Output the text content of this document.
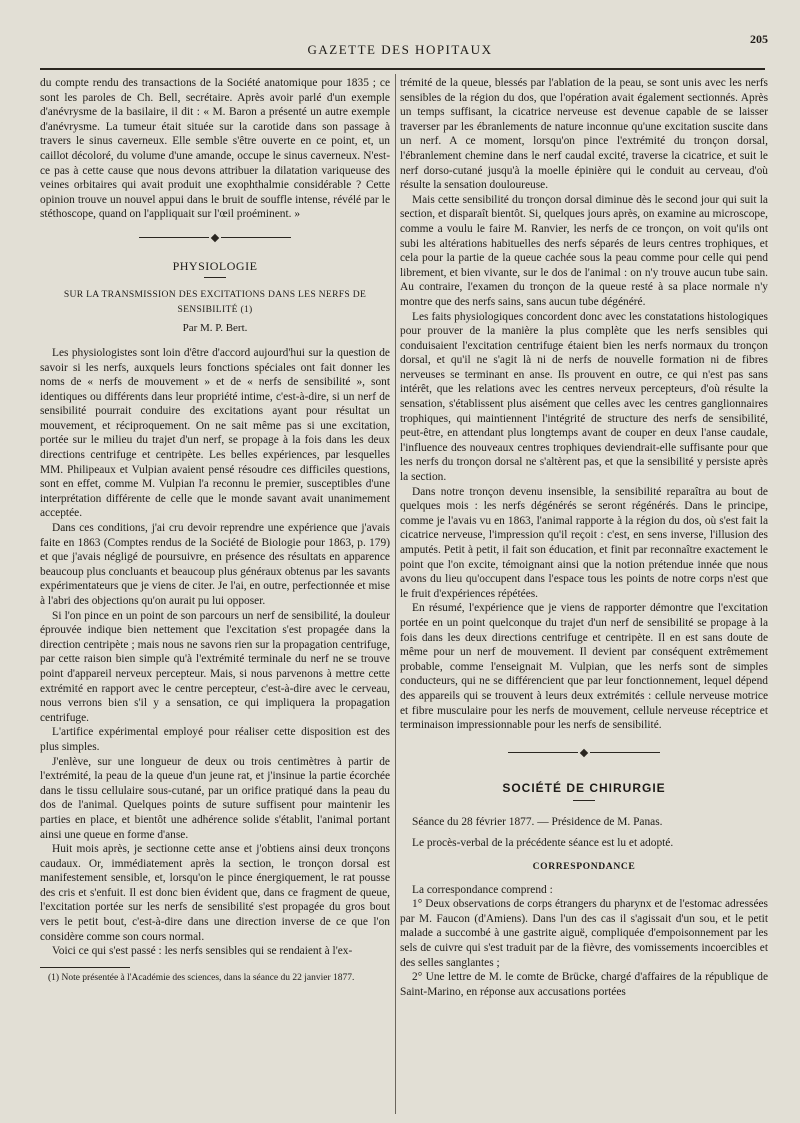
GAZETTE DES HOPITAUX
205

du compte rendu des transactions de la Société anatomique pour 1835 ; ce sont les paroles de Ch. Bell, secrétaire. Après avoir parlé d'un exemple d'anévrysme de la basilaire, il dit : « M. Baron a présenté un autre exemple d'anévrysme. La tumeur était située sur la carotide dans son passage à travers le sinus caverneux. Elle semble s'être ouverte en ce point, et, un caillot décoloré, du volume d'une amande, occupe le sinus caverneux. N'est-ce pas à cette cause que nous devons attribuer la dilatation variqueuse des veines orbitaires qui avait produit une exophthalmie considérable ? Cette opinion trouve un nouvel appui dans le bruit de souffle intense, révélé par le stéthoscope, quand on l'appliquait sur l'œil proéminent. »

PHYSIOLOGIE
SUR LA TRANSMISSION DES EXCITATIONS DANS LES NERFS DE SENSIBILITÉ (1)
Par M. P. Bert.

Les physiologistes sont loin d'être d'accord aujourd'hui sur la question de savoir si les nerfs, auxquels leurs fonctions spéciales ont fait donner les noms de « nerfs de mouvement » et de « nerfs de sensibilité », sont identiques ou différents dans leur propriété intime, c'est-à-dire, si un nerf de sensibilité pourrait conduire des excitations ayant pour résultat un mouvement, et réciproquement. On ne sait même pas si une excitation, portée sur le milieu du trajet d'un nerf, se propage à la fois dans les deux directions centrifuge et centripète. Les belles expériences, par lesquelles MM. Philipeaux et Vulpian avaient pensé résoudre ces difficiles questions, sont en effet, comme M. Vulpian l'a reconnu le premier, susceptibles d'une interprétation différente de celle que le monde savant avait unanimement acceptée.

Dans ces conditions, j'ai cru devoir reprendre une expérience que j'avais faite en 1863 (Comptes rendus de la Société de Biologie pour 1863, p. 179) et que j'avais négligé de poursuivre, en présence des résultats en apparence beaucoup plus concluants et beaucoup plus généraux obtenus par les savants expérimentateurs que je viens de citer. Je l'ai, en outre, perfectionnée et mise à l'abri des objections qu'on aurait pu lui opposer.

Si l'on pince en un point de son parcours un nerf de sensibilité, la douleur éprouvée indique bien nettement que l'excitation s'est propagée dans la direction centripète ; mais nous ne savons rien sur la propagation centrifuge, par cette raison bien simple qu'à l'extrémité terminale du nerf ne se trouve point d'appareil nerveux percepteur. Mais, si nous parvenons à mettre cette extrémité en rapport avec le centre percepteur, c'est-à-dire avec le cerveau, nous verrons bien s'il y a sensation, ce qui impliquera la propagation centrifuge.

L'artifice expérimental employé pour réaliser cette disposition est des plus simples.

J'enlève, sur une longueur de deux ou trois centimètres à partir de l'extrémité, la peau de la queue d'un jeune rat, et j'insinue la partie écorchée dans le tissu cellulaire sous-cutané, par un orifice pratiqué dans la peau du dos de l'animal. Quelques points de suture suffisent pour maintenir les parties en place, et bientôt une adhérence solide s'établit, l'animal portant ainsi une queue en forme d'anse.

Huit mois après, je sectionne cette anse et j'obtiens ainsi deux tronçons caudaux. Or, immédiatement après la section, le tronçon dorsal est manifestement sensible, et, lorsqu'on le pince énergiquement, le rat pousse des cris et s'enfuit. Il est donc bien évident que, dans ce fragment de queue, l'excitation portée sur les nerfs de sensibilité s'est propagée du gros bout vers le petit bout, c'est-à-dire dans une direction inverse de ce que l'on considère comme son cours normal.

Voici ce qui s'est passé : les nerfs sensibles qui se rendaient à l'ex-

(1) Note présentée à l'Académie des sciences, dans la séance du 22 janvier 1877.

trémité de la queue, blessés par l'ablation de la peau, se sont unis avec les nerfs sensibles de la région du dos, que l'opération avait également sectionnés. Après un temps suffisant, la cicatrice nerveuse est devenue capable de se laisser traverser par les ébranlements de nature inconnue qu'une excitation suscite dans un nerf. A ce moment, lorsqu'on pince l'extrémité du tronçon dorsal, l'ébranlement chemine dans le nerf caudal excité, traverse la cicatrice, et suit le nerf dorso-cutané jusqu'à la moelle épinière qui le conduit au cerveau, d'où résulte la sensation douloureuse.

Mais cette sensibilité du tronçon dorsal diminue dès le second jour qui suit la section, et disparaît bientôt. Si, quelques jours après, on examine au microscope, comme a voulu le faire M. Ranvier, les nerfs de ce tronçon, on voit qu'ils ont subi les altérations habituelles des nerfs séparés de leurs centres trophiques, et cela pour la partie de la queue cachée sous la peau comme pour celle qui pend librement, et bien vivante, sur le dos de l'animal : on n'y trouve aucun tube sain. Au contraire, l'examen du tronçon de la queue resté à sa place normale n'y montre que des nerfs sains, sans aucun tube dégénéré.

Les faits physiologiques concordent donc avec les constatations histologiques pour prouver de la manière la plus complète que les nerfs sensibles qui conduisaient l'excitation centrifuge étaient bien les nerfs normaux du tronçon dorsal, et qu'il ne s'agit là ni de nerfs de nouvelle formation ni de fibres nerveuses se terminant en anse. Ils prouvent en outre, ce qui n'est pas sans intérêt, que les relations avec les centres nerveux percepteurs, d'où résulte la sensation, s'établissent plus aisément que celles avec les centres ganglionnaires trophiques, qui maintiennent l'intégrité de structure des nerfs de sensibilité, peut-être, en attendant plus longtemps avant de couper en deux l'anse caudale, l'influence des nouveaux centres trophiques deviendrait-elle suffisante pour que les nerfs du tronçon dorsal ne s'altèrent pas, et que la sensibilité y persiste après la section.

Dans notre tronçon devenu insensible, la sensibilité reparaîtra au bout de quelques mois : les nerfs dégénérés se seront régénérés. Dans le principe, comme je l'avais vu en 1863, l'animal rapporte à la région du dos, où s'est fait la cicatrice nerveuse, l'impression qu'il reçoit : c'est, en sens inverse, l'illusion des amputés. Petit à petit, il fait son éducation, et finit par reconnaître exactement le point que l'on excite, témoignant ainsi que la notion prétendue innée que nous avons du lieu qu'occupent dans l'espace tous les points de notre corps n'est que le fruit d'expériences répétées.

En résumé, l'expérience que je viens de rapporter démontre que l'excitation portée en un point quelconque du trajet d'un nerf de sensibilité se propage à la fois dans les deux directions centrifuge et centripète. Il en est sans doute de même pour un nerf de mouvement. Il devient par conséquent extrêmement probable, comme l'enseignait M. Vulpian, que les nerfs sont de simples conducteurs, qui ne se différencient que par leur fonctionnement, lequel dépend des appareils qui se trouvent à leurs deux extrémités : cellule nerveuse motrice et fibre musculaire pour les nerfs de mouvement, cellule nerveuse réceptrice et terminaison impressionnable pour les nerfs de sensibilité.

SOCIÉTÉ DE CHIRURGIE

Séance du 28 février 1877. — Présidence de M. Panas.

Le procès-verbal de la précédente séance est lu et adopté.

CORRESPONDANCE

La correspondance comprend :

1° Deux observations de corps étrangers du pharynx et de l'estomac adressées par M. Faucon (d'Amiens). Dans l'un des cas il s'agissait d'un sou, et le petit malade a succombé à une gastrite aiguë, compliquée d'empoisonnement par les sels de cuivre qui s'est traduit par de la fièvre, des vomissements incoercibles et des selles sanglantes ;

2° Une lettre de M. le comte de Brücke, chargé d'affaires de la république de Saint-Marino, en réponse aux accusations portées
